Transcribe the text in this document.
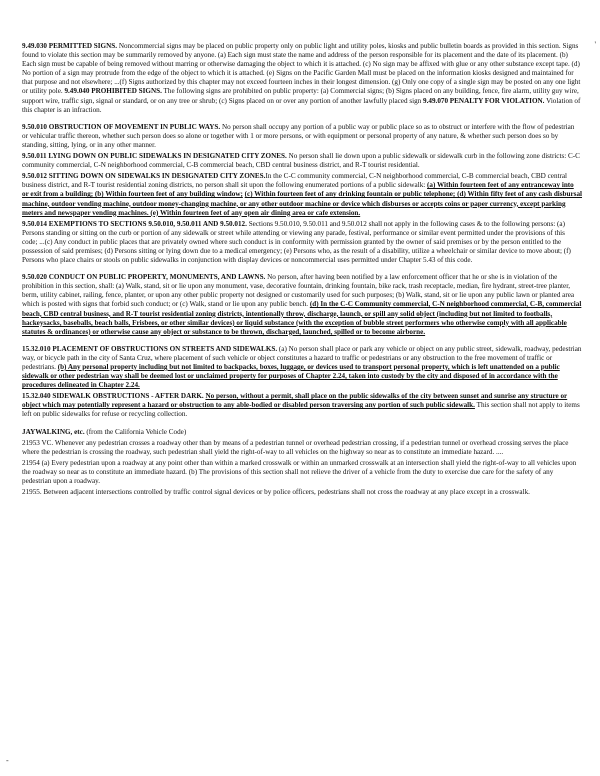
'

9.49.030 PERMITTED SIGNS. Noncommercial signs may be placed on public property only on public light and utility poles, kiosks and public bulletin boards as provided in this section. Signs found to violate this section may be summarily removed by anyone. (a) Each sign must state the name and address of the person responsible for its placement and the date of its placement. (b) Each sign must be capable of being removed without marring or otherwise damaging the object to which it is attached. (c) No sign may be affixed with glue or any other substance except tape. (d) No portion of a sign may protrude from the edge of the object to which it is attached. (e) Signs on the Pacific Garden Mall must be placed on the information kiosks designed and maintained for that purpose and not elsewhere; ...(f) Signs authorized by this chapter may not exceed fourteen inches in their longest dimension. (g) Only one copy of a single sign may be posted on any one light or utility pole. 9.49.040 PROHIBITED SIGNS. The following signs are prohibited on public property: (a) Commercial signs; (b) Signs placed on any building, fence, fire alarm, utility guy wire, support wire, traffic sign, signal or standard, or on any tree or shrub; (c) Signs placed on or over any portion of another lawfully placed sign 9.49.070 PENALTY FOR VIOLATION. Violation of this chapter is an infraction.

9.50.010 OBSTRUCTION OF MOVEMENT IN PUBLIC WAYS. No person shall occupy any portion of a public way or public place so as to obstruct or interfere with the flow of pedestrian or vehicular traffic thereon, whether such person does so alone or together with 1 or more persons, or with equipment or personal property of any nature, & whether such person does so by standing, sitting, lying, or in any other manner.

9.50.011 LYING DOWN ON PUBLIC SIDEWALKS IN DESIGNATED CITY ZONES. No person shall lie down upon a public sidewalk or sidewalk curb in the following zone districts: C-C community commercial, C-N neighborhood commercial, C-B commercial beach, CBD central business district, and R-T tourist residential.

9.50.012 SITTING DOWN ON SIDEWALKS IN DESIGNATED CITY ZONES.In the C-C community commercial, C-N neighborhood commercial, C-B commercial beach, CBD central business district, and R-T tourist residential zoning districts, no person shall sit upon the following enumerated portions of a public sidewalk: (a) Within fourteen feet of any entranceway into or exit from a building; (b) Within fourteen feet of any building window; (c) Within fourteen feet of any drinking fountain or public telephone; (d) Within fifty feet of any cash disbursal machine, outdoor vending machine, outdoor money-changing machine, or any other outdoor machine or device which disburses or accepts coins or paper currency, except parking meters and newspaper vending machines. (e) Within fourteen feet of any open air dining area or cafe extension.

9.50.014 EXEMPTIONS TO SECTIONS 9.50.010, 9.50.011 AND 9.50.012. Sections 9.50.010, 9.50.011 and 9.50.012 shall not apply in the following cases & to the following persons: (a) Persons standing or sitting on the curb or portion of any sidewalk or street while attending or viewing any parade, festival, performance or similar event permitted under the provisions of this code; ...(c) Any conduct in public places that are privately owned where such conduct is in conformity with permission granted by the owner of said premises or by the person entitled to the possession of said premises; (d) Persons sitting or lying down due to a medical emergency; (e) Persons who, as the result of a disability, utilize a wheelchair or similar device to move about; (f) Persons who place chairs or stools on public sidewalks in conjunction with display devices or noncommercial uses permitted under Chapter 5.43 of this code.

9.50.020 CONDUCT ON PUBLIC PROPERTY, MONUMENTS, AND LAWNS. No person, after having been notified by a law enforcement officer that he or she is in violation of the prohibition in this section, shall: (a) Walk, stand, sit or lie upon any monument, vase, decorative fountain, drinking fountain, bike rack, trash receptacle, median, fire hydrant, street-tree planter, berm, utility cabinet, railing, fence, planter, or upon any other public property not designed or customarily used for such purposes; (b) Walk, stand, sit or lie upon any public lawn or planted area which is posted with signs that forbid such conduct; or (c) Walk, stand or lie upon any public bench. (d) In the C-C Community commercial, C-N neighborhood commercial, C-B, commercial beach, CBD central business, and R-T tourist residential zoning districts, intentionally throw, discharge, launch, or spill any solid object (including but not limited to footballs, hackeysacks, baseballs, beach balls, Frisbees, or other similar devices) or liquid substance (with the exception of bubble street performers who otherwise comply with all applicable statutes & ordinances) or otherwise cause any object or substance to be thrown, discharged, launched, spilled or to become airborne.

15.32.010 PLACEMENT OF OBSTRUCTIONS ON STREETS AND SIDEWALKS. (a) No person shall place or park any vehicle or object on any public street, sidewalk, roadway, pedestrian way, or bicycle path in the city of Santa Cruz, where placement of such vehicle or object constitutes a hazard to traffic or pedestrians or any obstruction to the free movement of traffic or pedestrians. (b) Any personal property including but not limited to backpacks, boxes, luggage, or devices used to transport personal property, which is left unattended on a public sidewalk or other pedestrian way shall be deemed lost or unclaimed property for purposes of Chapter 2.24, taken into custody by the city and disposed of in accordance with the procedures delineated in Chapter 2.24.

15.32.040 SIDEWALK OBSTRUCTIONS - AFTER DARK. No person, without a permit, shall place on the public sidewalks of the city between sunset and sunrise any structure or object which may potentially represent a hazard or obstruction to any able-bodied or disabled person traversing any portion of such public sidewalk. This section shall not apply to items left on public sidewalks for refuse or recycling collection.

JAYWALKING, etc. (from the California Vehicle Code)

21953 VC. Whenever any pedestrian crosses a roadway other than by means of a pedestrian tunnel or overhead pedestrian crossing, if a pedestrian tunnel or overhead crossing serves the place where the pedestrian is crossing the roadway, such pedestrian shall yield the right-of-way to all vehicles on the highway so near as to constitute an immediate hazard. ....

21954 (a) Every pedestrian upon a roadway at any point other than within a marked crosswalk or within an unmarked crosswalk at an intersection shall yield the right-of-way to all vehicles upon the roadway so near as to constitute an immediate hazard. (b) The provisions of this section shall not relieve the driver of a vehicle from the duty to exercise due care for the safety of any pedestrian upon a roadway.

21955. Between adjacent intersections controlled by traffic control signal devices or by police officers, pedestrians shall not cross the roadway at any place except in a crosswalk.

-
